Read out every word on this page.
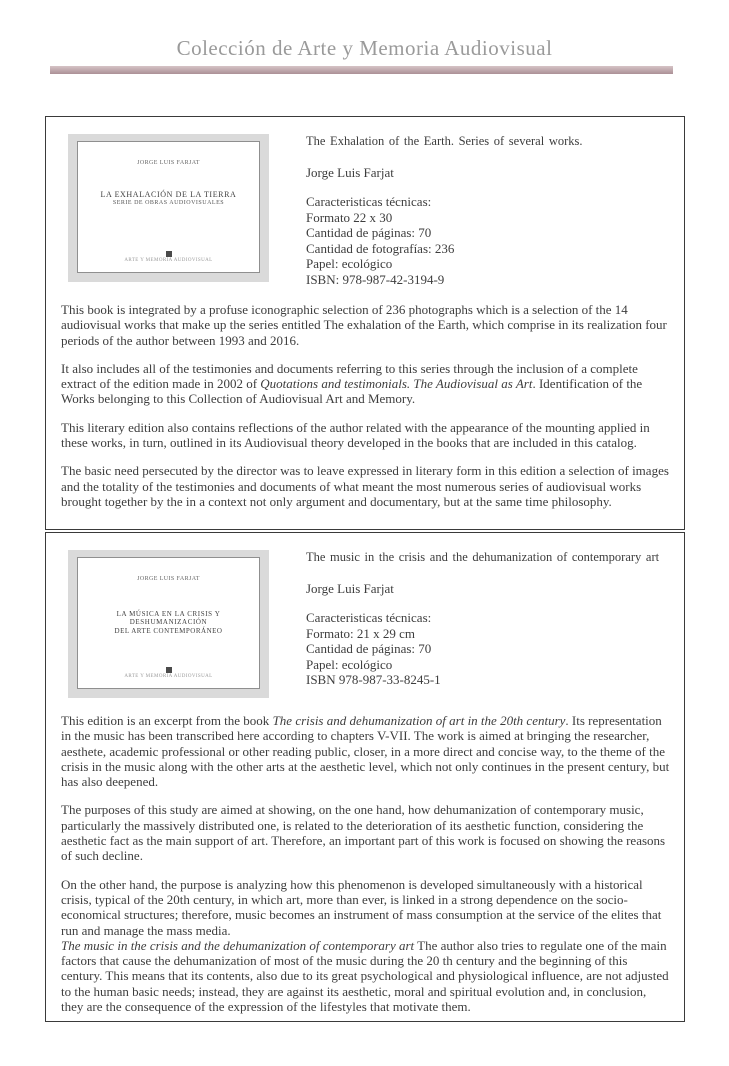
Colección de Arte y Memoria Audiovisual
JORGE LUIS FARJAT
LA EXHALACIÓN DE LA TIERRA
SERIE DE OBRAS AUDIOVISUALES
ARTE Y MEMORIA AUDIOVISUAL
The Exhalation of the Earth. Series of several works.
Jorge Luis Farjat
Caracteristicas técnicas:
Formato 22 x 30
Cantidad de páginas: 70
Cantidad de fotografías: 236
Papel: ecológico
ISBN: 978-987-42-3194-9

This book is integrated by a profuse iconographic selection of 236 photographs which is a selection of the 14 audiovisual works that make up the series entitled The exhalation of the Earth, which comprise in its realization four periods of the author between 1993 and 2016.

It also includes all of the testimonies and documents referring to this series through the inclusion of a complete extract of the edition made in 2002 of Quotations and testimonials. The Audiovisual as Art. Identification of the Works belonging to this Collection of Audiovisual Art and Memory.

This literary edition also contains reflections of the author related with the appearance of the mounting applied in these works, in turn, outlined in its Audiovisual theory developed in the books that are included in this catalog.

The basic need persecuted by the director was to leave expressed in literary form in this edition a selection of images and the totality of the testimonies and documents of what meant the most numerous series of audiovisual works brought together by the in a context not only argument and documentary, but at the same time philosophy.

JORGE LUIS FARJAT
LA MÚSICA EN LA CRISIS Y DESHUMANIZACIÓN
DEL ARTE CONTEMPORÁNEO
ARTE Y MEMORIA AUDIOVISUAL
The music in the crisis and the dehumanization of contemporary art
Jorge Luis Farjat
Caracteristicas técnicas:
Formato: 21 x 29 cm
Cantidad de páginas: 70
Papel: ecológico
ISBN 978-987-33-8245-1

This edition is an excerpt from the book The crisis and dehumanization of art in the 20th century. Its representation in the music has been transcribed here according to chapters V-VII. The work is aimed at bringing the researcher,
aesthete, academic professional or other reading public, closer, in a more direct and concise way, to the theme of the crisis in the music along with the other arts at the aesthetic level, which not only continues in the present century, but has also deepened.

The purposes of this study are aimed at showing, on the one hand, how dehumanization of contemporary music, particularly the massively distributed one, is related to the deterioration of its aesthetic function, considering the aesthetic fact as the main support of art. Therefore, an important part of this work is focused on showing the reasons of such decline.

On the other hand, the purpose is analyzing how this phenomenon is developed simultaneously with a historical crisis, typical of the 20th century, in which art, more than ever, is linked in a strong dependence on the socio-economical structures; therefore, music becomes an instrument of mass consumption at the service of the elites that run and manage the mass media.
The music in the crisis and the dehumanization of contemporary art The author also tries to regulate one of the main factors that cause the dehumanization of most of the music during the 20 th century and the beginning of this century. This means that its contents, also due to its great psychological and physiological influence, are not adjusted to the human basic needs; instead, they are against its aesthetic, moral and spiritual evolution and, in conclusion, they are the consequence of the expression of the lifestyles that motivate them.
